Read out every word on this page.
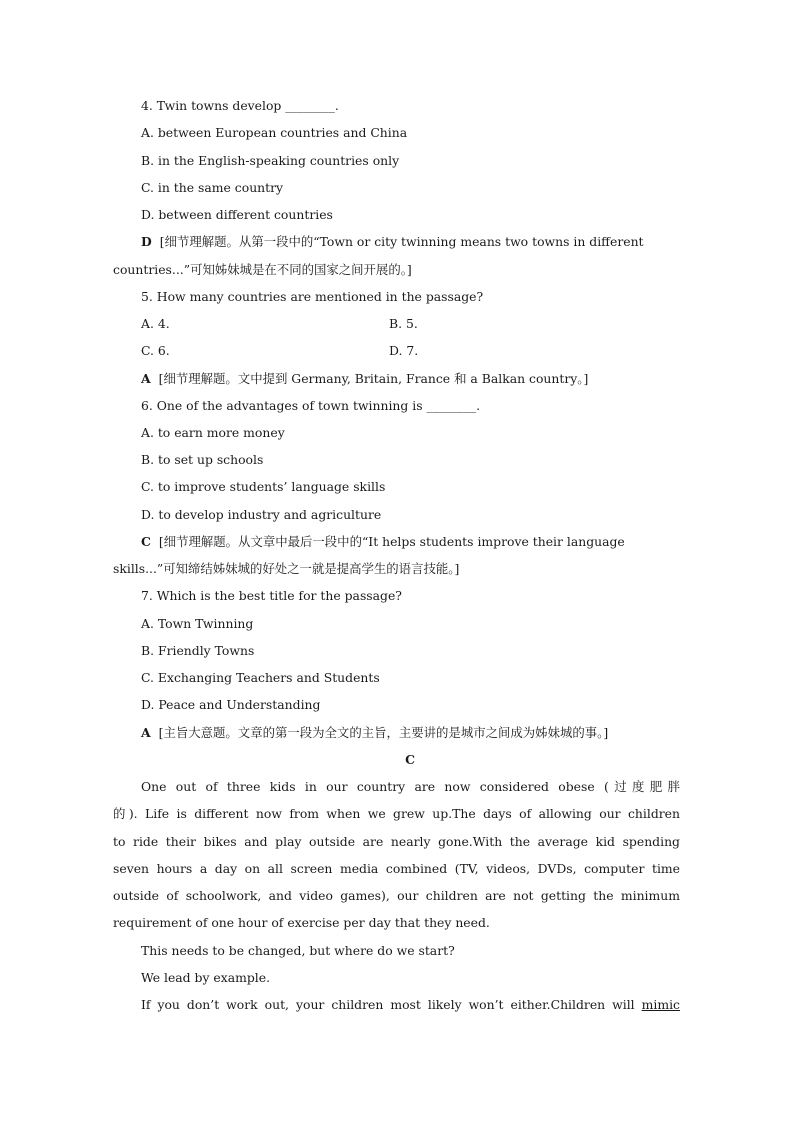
4. Twin towns develop ________.
A. between European countries and China
B. in the English-speaking countries only
C. in the same country
D. between different countries
D [细节理解题。从第一段中的“Town or city twinning means two towns in different
countries...”可知姊妹城是在不同的国家之间开展的。]
5. How many countries are mentioned in the passage?
A. 4.	B. 5.
C. 6.	D. 7.
A [细节理解题。文中提到 Germany, Britain, France 和 a Balkan country。]
6. One of the advantages of town twinning is ________.
A. to earn more money
B. to set up schools
C. to improve students’ language skills
D. to develop industry and agriculture
C [细节理解题。从文章中最后一段中的“It helps students improve their language
skills...”可知缔结姊妹城的好处之一就是提高学生的语言技能。]
7. Which is the best title for the passage?
A. Town Twinning
B. Friendly Towns
C. Exchanging Teachers and Students
D. Peace and Understanding
A [主旨大意题。文章的第一段为全文的主旨，主要讲的是城市之间成为姊妹城的事。]
C
One out of three kids in our country are now considered obese (过度肥胖
的). Life is different now from when we grew up.The days of allowing our children
to ride their bikes and play outside are nearly gone.With the average kid spending
seven hours a day on all screen media combined (TV, videos, DVDs, computer time
outside of schoolwork, and video games), our children are not getting the minimum
requirement of one hour of exercise per day that they need.
This needs to be changed, but where do we start?
We lead by example.
If you don’t work out, your children most likely won’t either.Children will mimic
